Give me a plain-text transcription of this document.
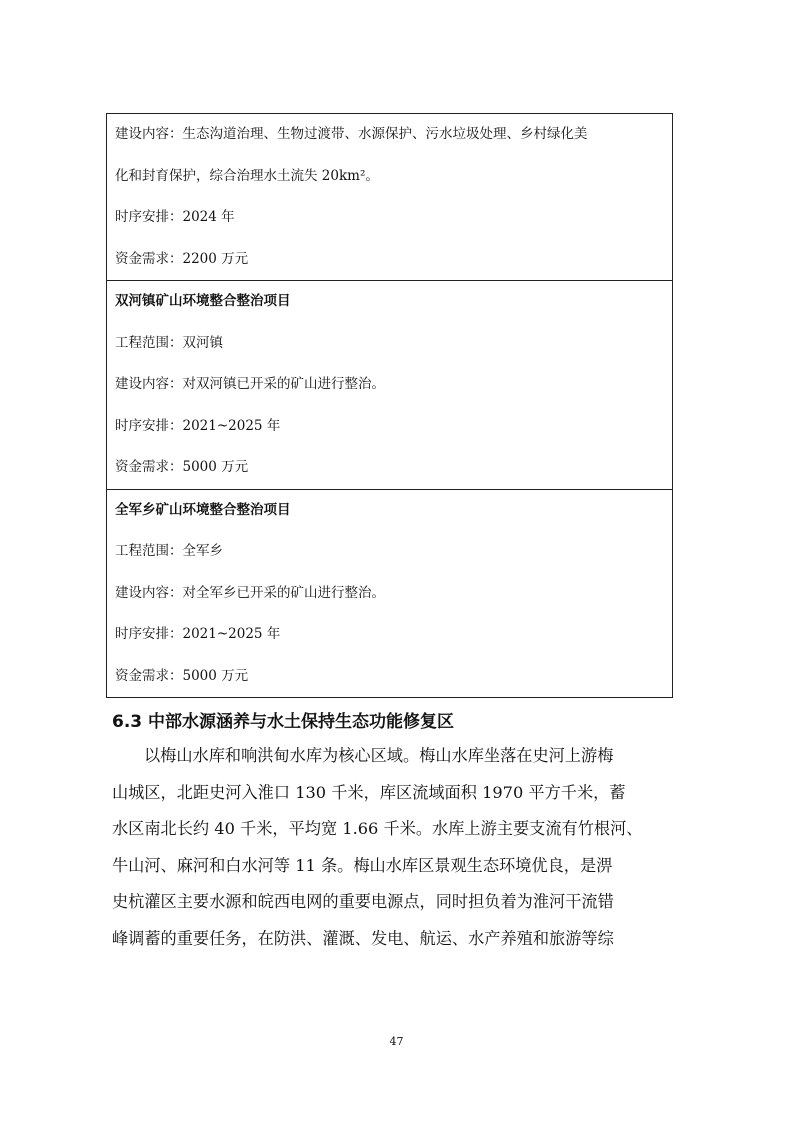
建设内容：生态沟道治理、生物过渡带、水源保护、污水垃圾处理、乡村绿化美
化和封育保护，综合治理水土流失 20km²。
时序安排：2024 年
资金需求：2200 万元
双河镇矿山环境整合整治项目
工程范围：双河镇
建设内容：对双河镇已开采的矿山进行整治。
时序安排：2021~2025 年
资金需求：5000 万元
全军乡矿山环境整合整治项目
工程范围：全军乡
建设内容：对全军乡已开采的矿山进行整治。
时序安排：2021~2025 年
资金需求：5000 万元
6.3 中部水源涵养与水土保持生态功能修复区
以梅山水库和响洪甸水库为核心区域。梅山水库坐落在史河上游梅
山城区，北距史河入淮口 130 千米，库区流域面积 1970 平方千米，蓄
水区南北长约 40 千米，平均宽 1.66 千米。水库上游主要支流有竹根河、
牛山河、麻河和白水河等 11 条。梅山水库区景观生态环境优良，是淠
史杭灌区主要水源和皖西电网的重要电源点，同时担负着为淮河干流错
峰调蓄的重要任务，在防洪、灌溉、发电、航运、水产养殖和旅游等综
47
